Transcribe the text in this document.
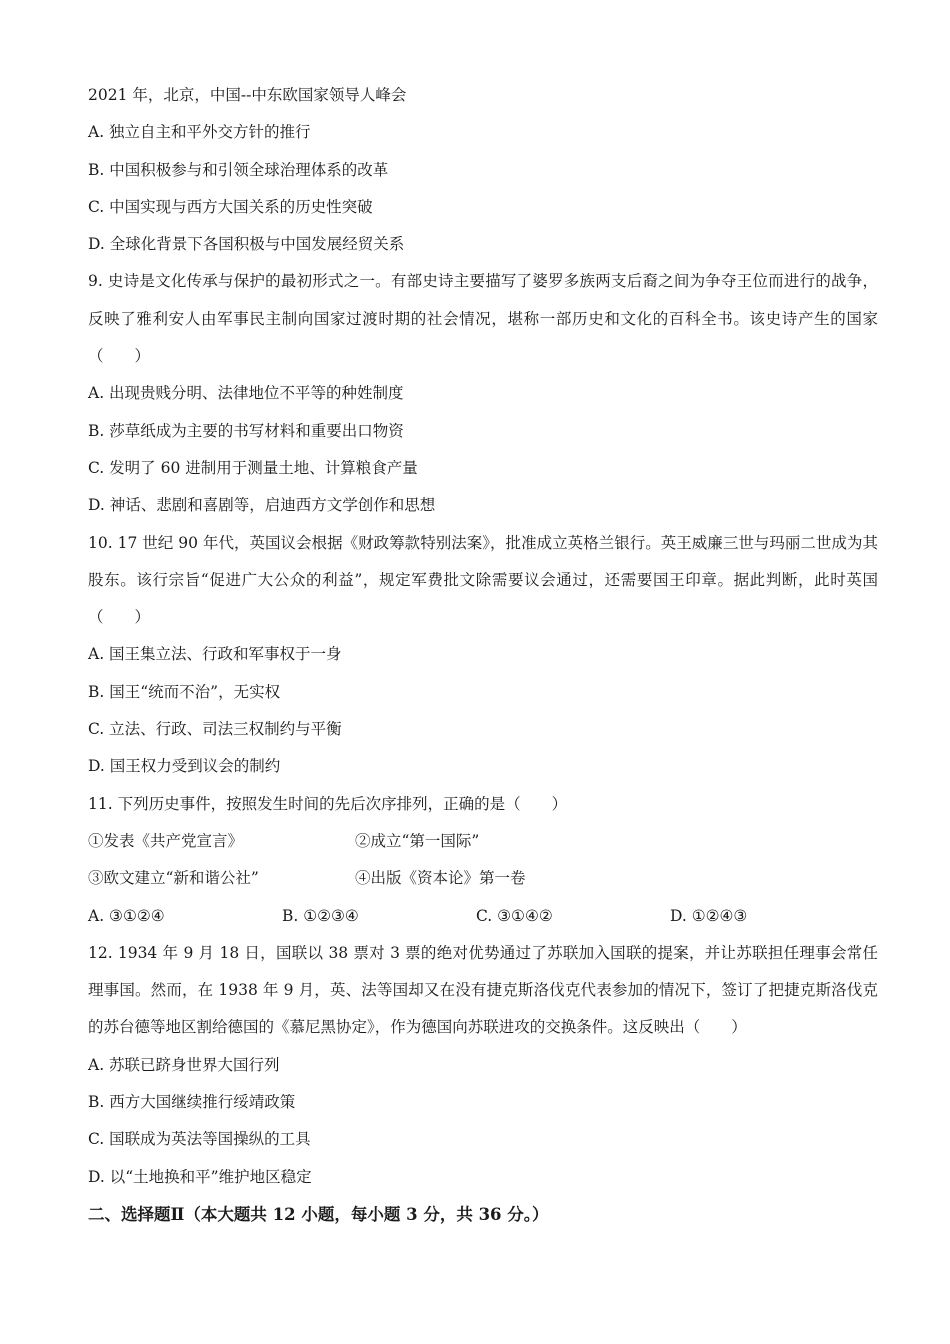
2021 年，北京，中国--中东欧国家领导人峰会
A. 独立自主和平外交方针的推行
B. 中国积极参与和引领全球治理体系的改革
C. 中国实现与西方大国关系的历史性突破
D. 全球化背景下各国积极与中国发展经贸关系
9. 史诗是文化传承与保护的最初形式之一。有部史诗主要描写了婆罗多族两支后裔之间为争夺王位而进行的战争，反映了雅利安人由军事民主制向国家过渡时期的社会情况，堪称一部历史和文化的百科全书。该史诗产生的国家（　　）
A. 出现贵贱分明、法律地位不平等的种姓制度
B. 莎草纸成为主要的书写材料和重要出口物资
C. 发明了 60 进制用于测量土地、计算粮食产量
D. 神话、悲剧和喜剧等，启迪西方文学创作和思想
10. 17 世纪 90 年代，英国议会根据《财政筹款特别法案》，批准成立英格兰银行。英王威廉三世与玛丽二世成为其股东。该行宗旨“促进广大公众的利益”，规定军费批文除需要议会通过，还需要国王印章。据此判断，此时英国（　　）
A. 国王集立法、行政和军事权于一身
B. 国王“统而不治”，无实权
C. 立法、行政、司法三权制约与平衡
D. 国王权力受到议会的制约
11. 下列历史事件，按照发生时间的先后次序排列，正确的是（　　）
①发表《共产党宣言》	②成立“第一国际”
③欧文建立“新和谐公社”	④出版《资本论》第一卷
A. ③①②④	B. ①②③④	C. ③①④②	D. ①②④③
12. 1934 年 9 月 18 日，国联以 38 票对 3 票的绝对优势通过了苏联加入国联的提案，并让苏联担任理事会常任理事国。然而，在 1938 年 9 月，英、法等国却又在没有捷克斯洛伐克代表参加的情况下，签订了把捷克斯洛伐克的苏台德等地区割给德国的《慕尼黑协定》，作为德国向苏联进攻的交换条件。这反映出（　　）
A. 苏联已跻身世界大国行列
B. 西方大国继续推行绥靖政策
C. 国联成为英法等国操纵的工具
D. 以“土地换和平”维护地区稳定
二、选择题Ⅱ（本大题共 12 小题，每小题 3 分，共 36 分。）
